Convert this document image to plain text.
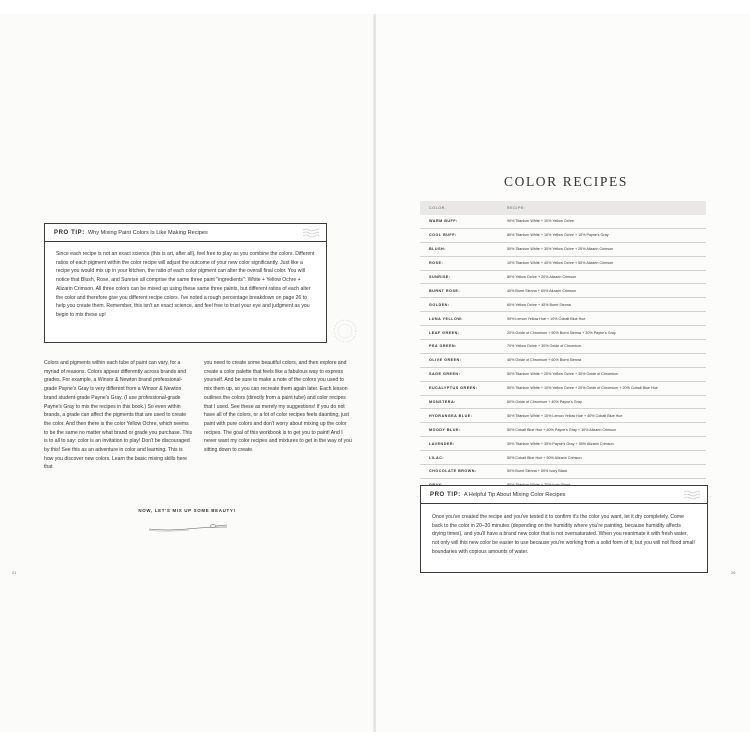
PRO TIP: Why Mixing Paint Colors Is Like Making Recipes
Since each recipe is not an exact science (this is art, after all), feel free to play as you combine the colors. Different ratios of each pigment within the color recipe will adjust the outcome of your new color significantly. Just like a recipe you would mix up in your kitchen, the ratio of each color pigment can alter the overall final color. You will notice that Blush, Rose, and Sunrise all comprise the same three paint "ingredients": White + Yellow Ochre + Alizarin Crimson. All three colors can be mixed up using these same three paints, but different ratios of each alter the color and therefore give you different recipe colors. I've noted a rough percentage breakdown on page 26 to help you create them. Remember, this isn't an exact science, and feel free to trust your eye and judgment as you begin to mix these up!
Colors and pigments within each tube of paint can vary, for a myriad of reasons. Colors appear differently across brands and grades. For example, a Winsor & Newton brand professional-grade Payne's Gray is very different from a Winsor & Newton brand student-grade Payne's Gray. (I use professional-grade Payne's Gray to mix the recipes in this book.) So even within brands, a grade can affect the pigments that are used to create the color. And then there is the color Yellow Ochre, which seems to be the same no matter what brand or grade you purchase. This is to all to say: color is an invitation to play! Don't be discouraged by this! See this as an adventure in color and learning. This is how you discover new colors. Learn the basic mixing skills here that
you need to create some beautiful colors, and then explore and create a color palette that feels like a fabulous way to express yourself. And be sure to make a note of the colors you used to mix them up, so you can recreate them again later. Each lesson outlines the colors (directly from a paint tube) and color recipes that I used. See these as merely my suggestions! If you do not have all of the colors, or a lot of color recipes feels daunting, just paint with pure colors and don't worry about mixing up the color recipes. The goal of this workbook is to get you to paint! And I never want my color recipes and mixtures to get in the way of you sitting down to create.
NOW, LET'S MIX UP SOME BEAUTY!
21
COLOR RECIPES
COLOR:	RECIPE:
WARM BUFF:	90% Titanium White + 10% Yellow Ochre
COOL BUFF:	80% Titanium White + 10% Yellow Ochre + 10% Payne's Gray
BLUSH:	50% Titanium White + 30% Yellow Ochre + 20% Alizarin Crimson
ROSE:	10% Titanium White + 40% Yellow Ochre + 50% Alizarin Crimson
SUNRISE:	80% Yellow Ochre + 20% Alizarin Crimson
BURNT ROSE:	40% Burnt Sienna + 60% Alizarin Crimson
GOLDEN:	60% Yellow Ochre + 40% Burnt Sienna
LUNA YELLOW:	90% Lemon Yellow Hue + 10% Cobalt Blue Hue
LEAF GREEN:	20% Oxide of Chromium + 50% Burnt Sienna + 30% Payne's Gray
PEA GREEN:	70% Yellow Ochre + 30% Oxide of Chromium
OLIVE GREEN:	40% Oxide of Chromium + 60% Burnt Sienna
SAGE GREEN:	50% Titanium White + 20% Yellow Ochre + 30% Oxide of Chromium
EUCALYPTUS GREEN:	50% Titanium White + 10% Yellow Ochre + 20% Oxide of Chromium + 20% Cobalt Blue Hue
MONSTERA:	60% Oxide of Chromium + 40% Payne's Gray
HYDRANGEA BLUE:	50% Titanium White + 10% Lemon Yellow Hue + 40% Cobalt Blue Hue
MOODY BLUE:	50% Cobalt Blue Hue + 40% Payne's Gray + 10% Alizarin Crimson
LAVENDER:	30% Titanium White + 35% Payne's Gray + 35% Alizarin Crimson
LILAC:	50% Cobalt Blue Hue + 50% Alizarin Crimson
CHOCOLATE BROWN:	50% Burnt Sienna + 50% Ivory Black
PRO TIP: A Helpful Tip About Mixing Color Recipes
Once you've created the recipe and you've tested it to confirm it's the color you want, let it dry completely. Come back to the color in 20–30 minutes (depending on the humidity where you're painting, because humidity affects drying times), and you'll have a brand new color that is not oversaturated. When you reanimate it with fresh water, not only will this new color be easier to use because you're working from a solid form of it, but you will not flood small boundaries with copious amounts of water.
26
